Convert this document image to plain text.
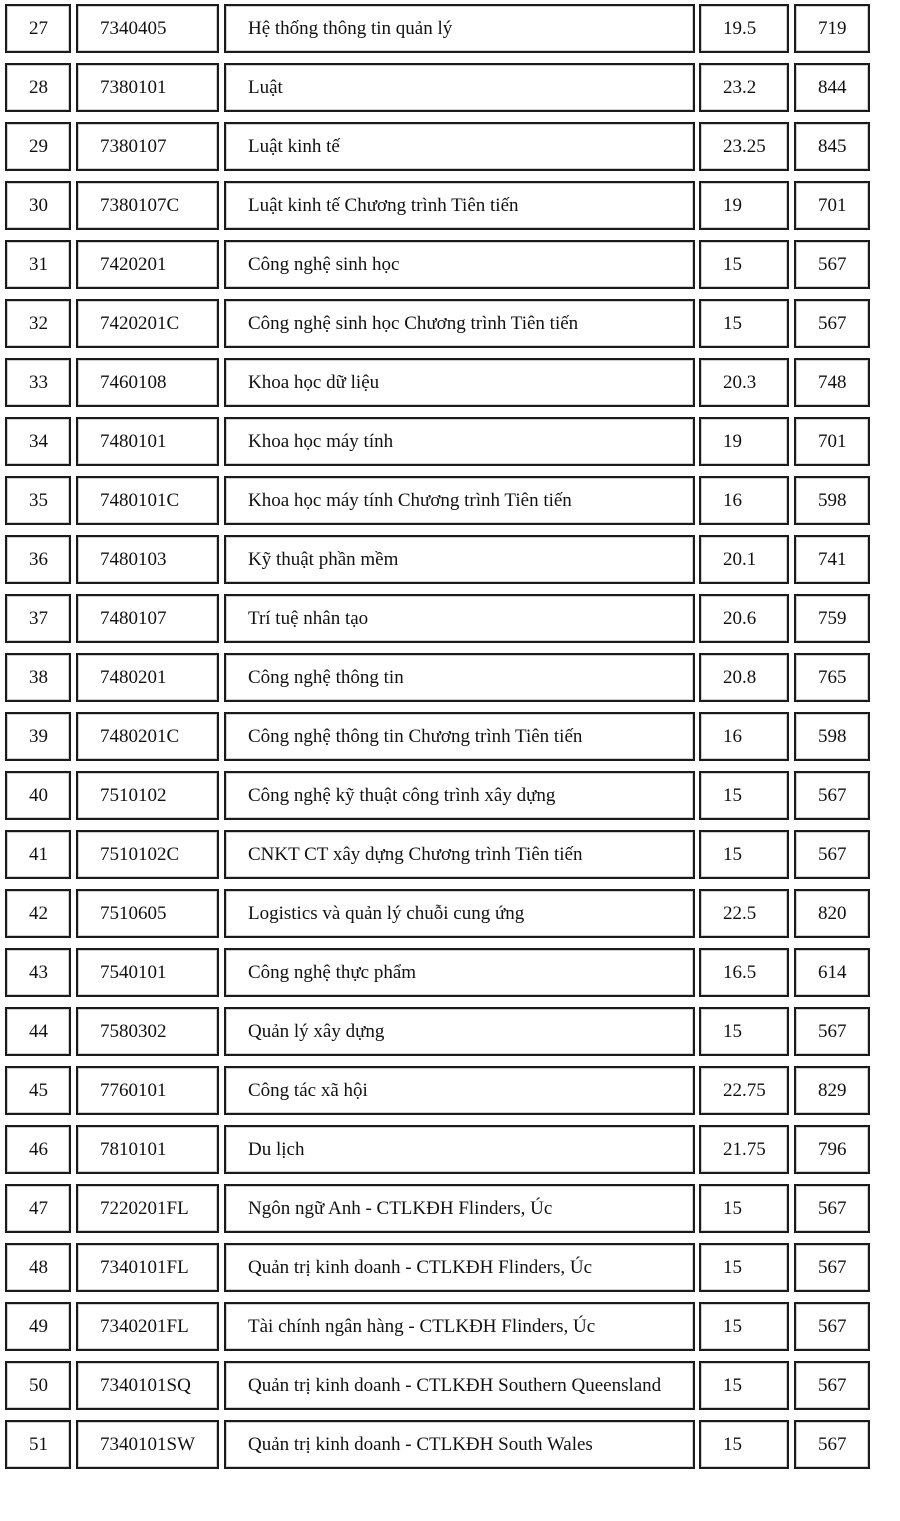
27	7340405	Hệ thống thông tin quản lý	19.5	719
28	7380101	Luật	23.2	844
29	7380107	Luật kinh tế	23.25	845
30	7380107C	Luật kinh tế Chương trình Tiên tiến	19	701
31	7420201	Công nghệ sinh học	15	567
32	7420201C	Công nghệ sinh học Chương trình Tiên tiến	15	567
33	7460108	Khoa học dữ liệu	20.3	748
34	7480101	Khoa học máy tính	19	701
35	7480101C	Khoa học máy tính Chương trình Tiên tiến	16	598
36	7480103	Kỹ thuật phần mềm	20.1	741
37	7480107	Trí tuệ nhân tạo	20.6	759
38	7480201	Công nghệ thông tin	20.8	765
39	7480201C	Công nghệ thông tin Chương trình Tiên tiến	16	598
40	7510102	Công nghệ kỹ thuật công trình xây dựng	15	567
41	7510102C	CNKT CT xây dựng Chương trình Tiên tiến	15	567
42	7510605	Logistics và quản lý chuỗi cung ứng	22.5	820
43	7540101	Công nghệ thực phẩm	16.5	614
44	7580302	Quản lý xây dựng	15	567
45	7760101	Công tác xã hội	22.75	829
46	7810101	Du lịch	21.75	796
47	7220201FL	Ngôn ngữ Anh - CTLKĐH Flinders, Úc	15	567
48	7340101FL	Quản trị kinh doanh - CTLKĐH Flinders, Úc	15	567
49	7340201FL	Tài chính ngân hàng - CTLKĐH Flinders, Úc	15	567
50	7340101SQ	Quản trị kinh doanh - CTLKĐH Southern Queensland	15	567
51	7340101SW	Quản trị kinh doanh - CTLKĐH South Wales	15	567
